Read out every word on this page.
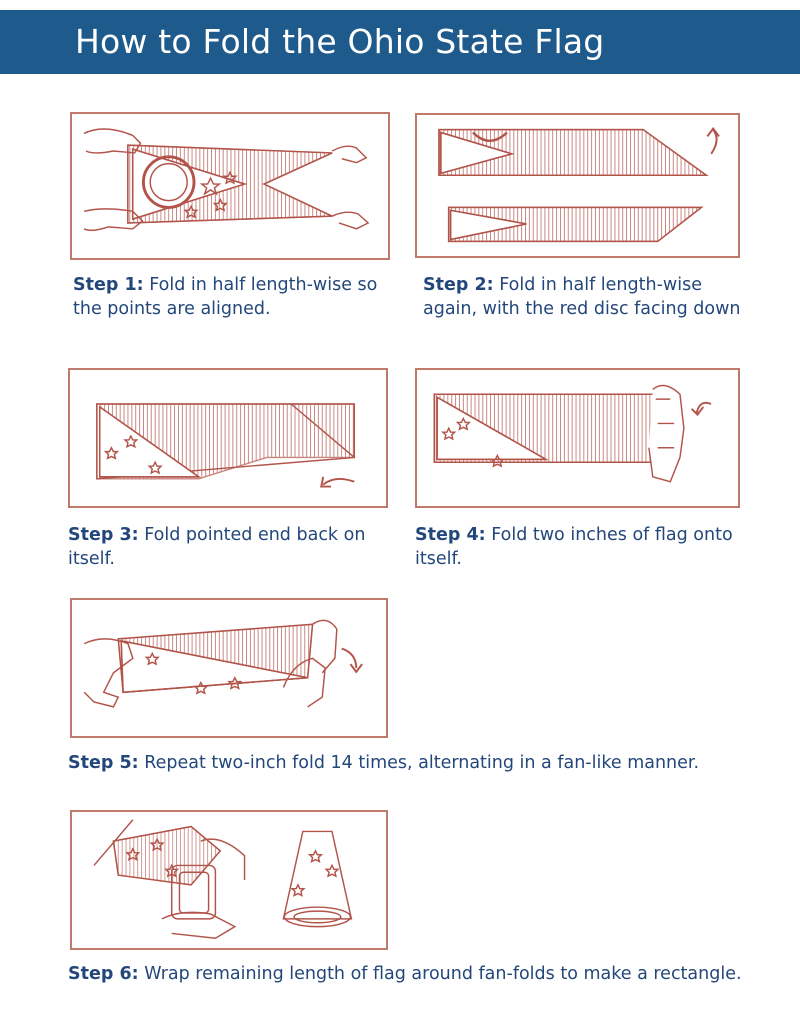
How to Fold the Ohio State Flag
Step 1: Fold in half length-wise so the points are aligned.
Step 2: Fold in half length-wise again, with the red disc facing down
Step 3: Fold pointed end back on itself.
Step 4: Fold two inches of flag onto itself.
Step 5: Repeat two-inch fold 14 times, alternating in a fan-like manner.
Step 6: Wrap remaining length of flag around fan-folds to make a rectangle.
